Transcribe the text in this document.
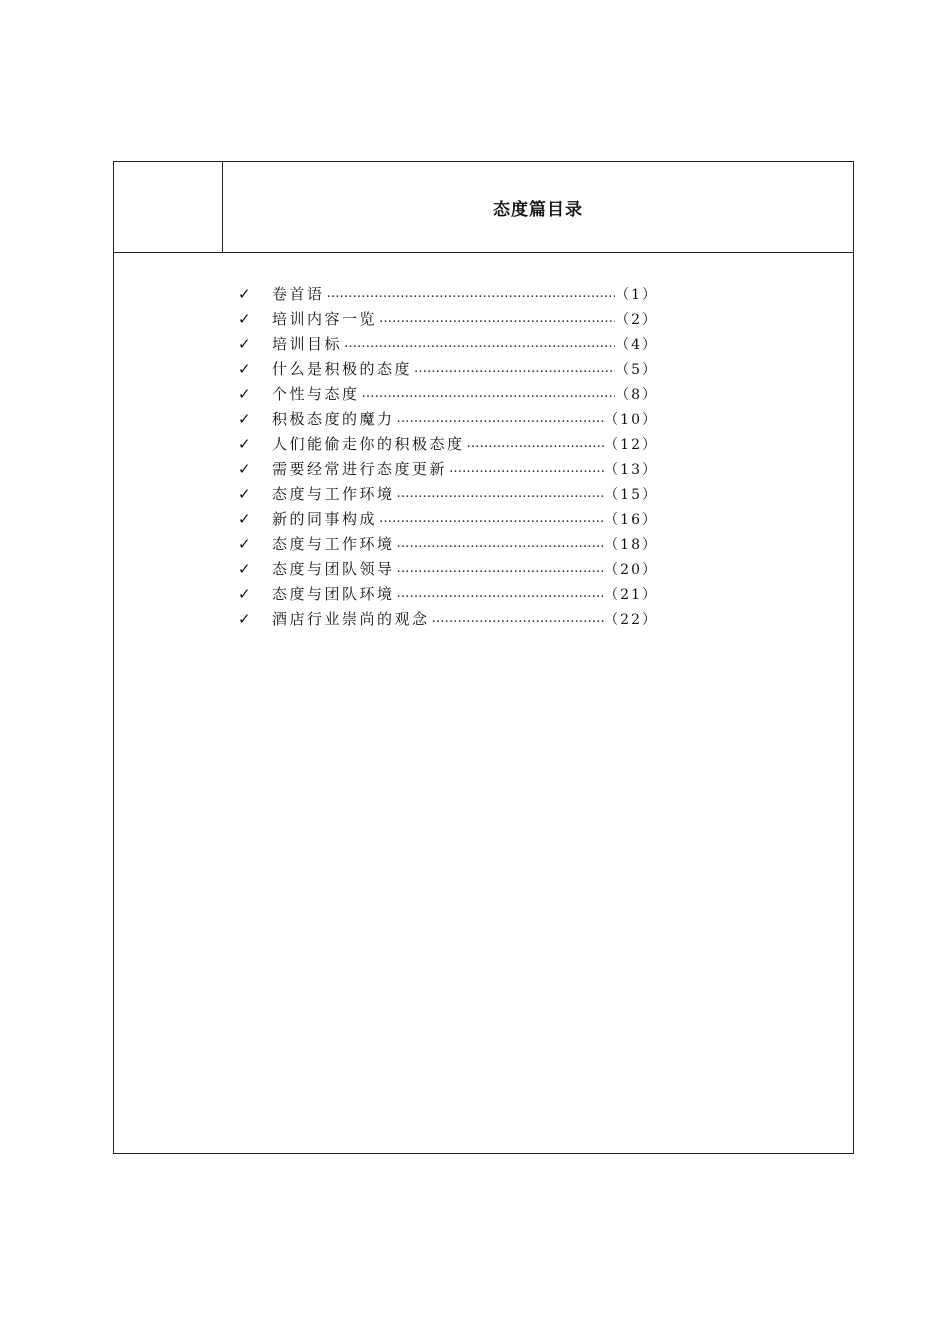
态度篇目录
✓	卷首语 ……………………………………………………………………………………………………	（1）
✓	培训内容一览 ……………………………………………………………………………………………………	（2）
✓	培训目标 ……………………………………………………………………………………………………	（4）
✓	什么是积极的态度 ……………………………………………………………………………………………………	（5）
✓	个性与态度 ……………………………………………………………………………………………………	（8）
✓	积极态度的魔力 ……………………………………………………………………………………………………	（10）
✓	人们能偷走你的积极态度 ……………………………………………………………………………………………………	（12）
✓	需要经常进行态度更新 ……………………………………………………………………………………………………	（13）
✓	态度与工作环境 ……………………………………………………………………………………………………	（15）
✓	新的同事构成 ……………………………………………………………………………………………………	（16）
✓	态度与工作环境 ……………………………………………………………………………………………………	（18）
✓	态度与团队领导 ……………………………………………………………………………………………………	（20）
✓	态度与团队环境 ……………………………………………………………………………………………………	（21）
✓	酒店行业崇尚的观念 ……………………………………………………………………………………………………	（22）
